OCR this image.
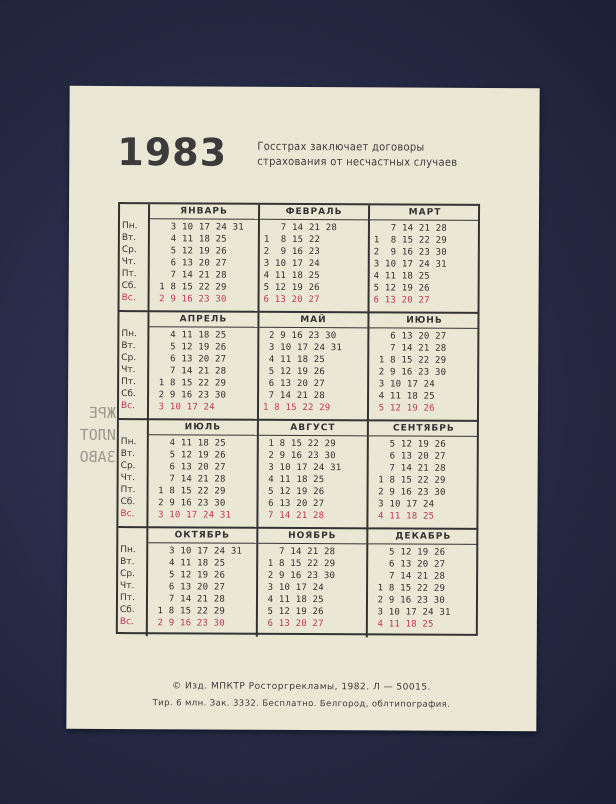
1983	Госстрах заключает договоры
страхования от несчастных случаев
ЖРЕ
ИЛОТ
ЗАВО
Пн.
Вт.
Ср.
Чт.
Пт.
Сб.
Вс.
ЯНВАРЬ
3 10 17 24 31
4 11 18 25
5 12 19 26
6 13 20 27
7 14 21 28
1 8 15 22 29
2 9 16 23 30
ФЕВРАЛЬ
7 14 21 28
1  8 15 22
2  9 16 23
3 10 17 24
4 11 18 25
5 12 19 26
6 13 20 27
МАРТ
7 14 21 28
1  8 15 22 29
2  9 16 23 30
3 10 17 24 31
4 11 18 25
5 12 19 26
6 13 20 27
Пн.
Вт.
Ср.
Чт.
Пт.
Сб.
Вс.
АПРЕЛЬ
4 11 18 25
5 12 19 26
6 13 20 27
7 14 21 28
1 8 15 22 29
2 9 16 23 30
3 10 17 24
МАЙ
2 9 16 23 30
3 10 17 24 31
4 11 18 25
5 12 19 26
6 13 20 27
7 14 21 28
1 8 15 22 29
ИЮНЬ
6 13 20 27
7 14 21 28
1 8 15 22 29
2 9 16 23 30
3 10 17 24
4 11 18 25
5 12 19 26
Пн.
Вт.
Ср.
Чт.
Пт.
Сб.
Вс.
ИЮЛЬ
4 11 18 25
5 12 19 26
6 13 20 27
7 14 21 28
1 8 15 22 29
2 9 16 23 30
3 10 17 24 31
АВГУСТ
1 8 15 22 29
2 9 16 23 30
3 10 17 24 31
4 11 18 25
5 12 19 26
6 13 20 27
7 14 21 28
СЕНТЯБРЬ
5 12 19 26
6 13 20 27
7 14 21 28
1 8 15 22 29
2 9 16 23 30
3 10 17 24
4 11 18 25
Пн.
Вт.
Ср.
Чт.
Пт.
Сб.
Вс.
ОКТЯБРЬ
3 10 17 24 31
4 11 18 25
5 12 19 26
6 13 20 27
7 14 21 28
1 8 15 22 29
2 9 16 23 30
НОЯБРЬ
7 14 21 28
1 8 15 22 29
2 9 16 23 30
3 10 17 24
4 11 18 25
5 12 19 26
6 13 20 27
ДЕКАБРЬ
5 12 19 26
6 13 20 27
7 14 21 28
1 8 15 22 29
2 9 16 23 30
3 10 17 24 31
4 11 18 25
© Изд. МПКТР Росторгрекламы, 1982. Л — 50015.
Тир. 6 млн. Зак. 3332. Бесплатно. Белгород, облтипография.
